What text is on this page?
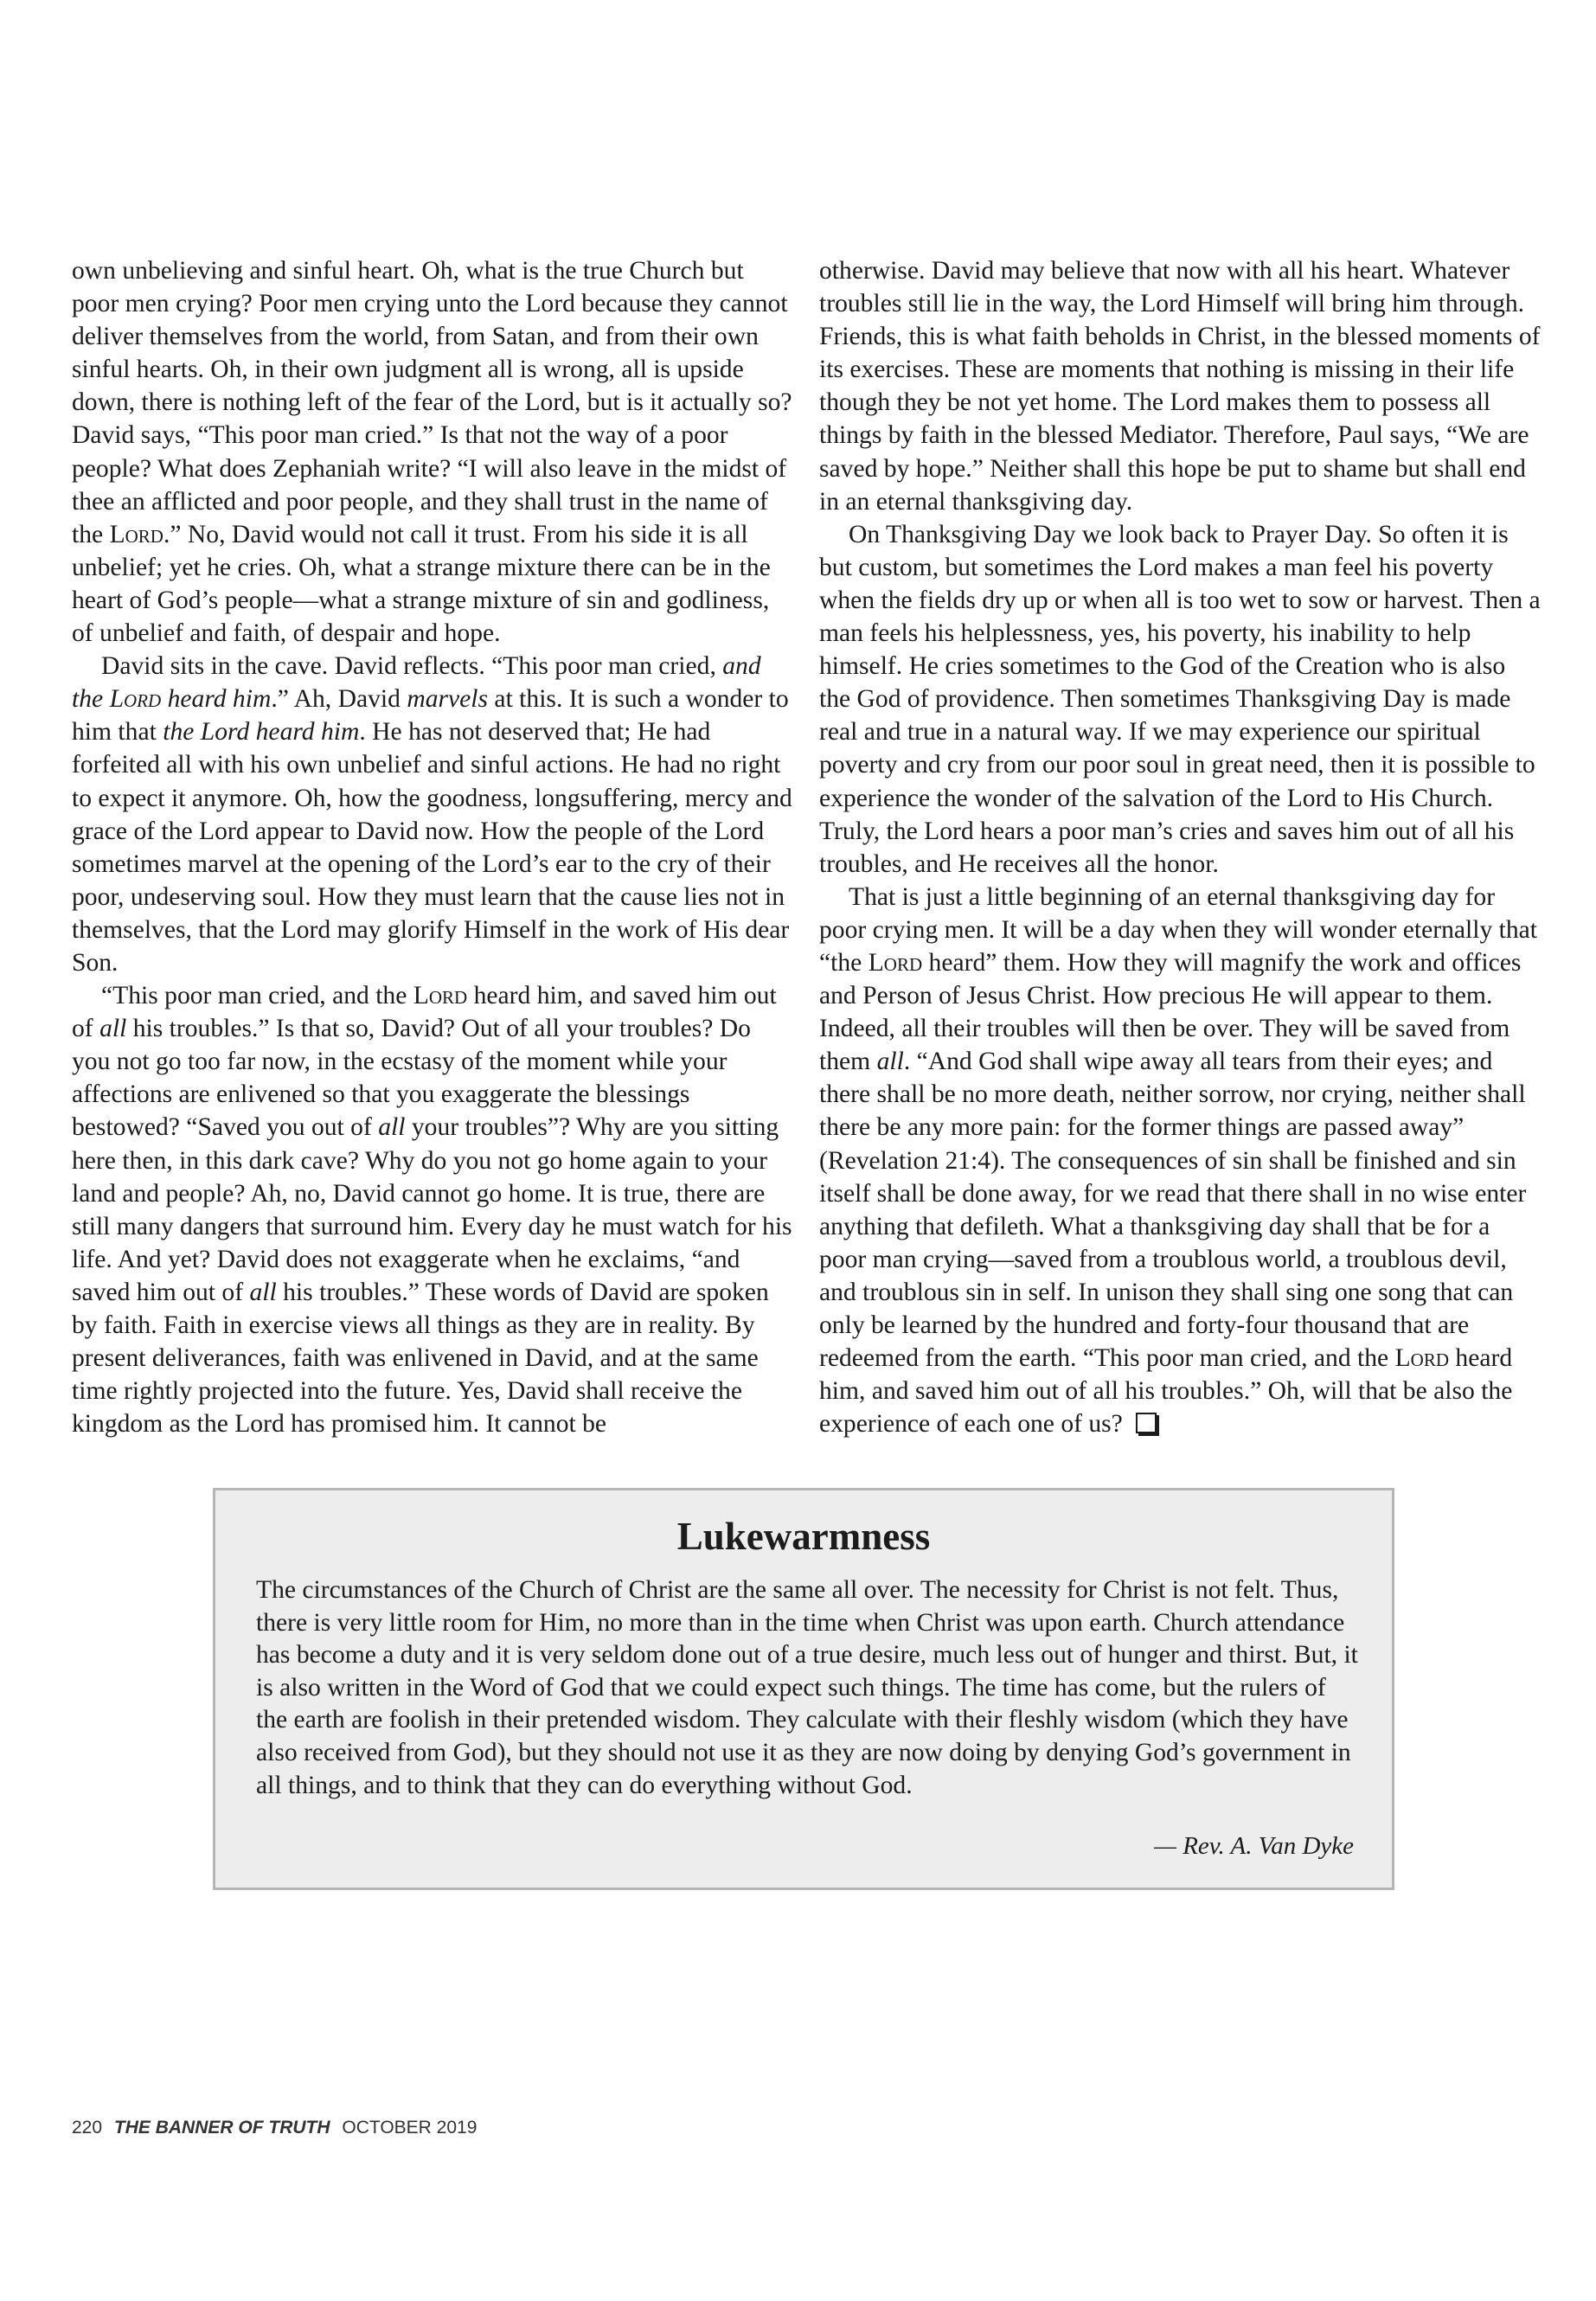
own unbelieving and sinful heart. Oh, what is the true Church but poor men crying? Poor men crying unto the Lord because they cannot deliver themselves from the world, from Satan, and from their own sinful hearts. Oh, in their own judgment all is wrong, all is upside down, there is nothing left of the fear of the Lord, but is it actually so? David says, “This poor man cried.” Is that not the way of a poor people? What does Zephaniah write? “I will also leave in the midst of thee an afflicted and poor people, and they shall trust in the name of the Lord.” No, David would not call it trust. From his side it is all unbelief; yet he cries. Oh, what a strange mixture there can be in the heart of God’s people—what a strange mixture of sin and godliness, of unbelief and faith, of despair and hope.

David sits in the cave. David reflects. “This poor man cried, and the Lord heard him.” Ah, David marvels at this. It is such a wonder to him that the Lord heard him. He has not deserved that; He had forfeited all with his own unbelief and sinful actions. He had no right to expect it anymore. Oh, how the goodness, longsuffering, mercy and grace of the Lord appear to David now. How the people of the Lord sometimes marvel at the opening of the Lord’s ear to the cry of their poor, undeserving soul. How they must learn that the cause lies not in themselves, that the Lord may glorify Himself in the work of His dear Son.

“This poor man cried, and the Lord heard him, and saved him out of all his troubles.” Is that so, David? Out of all your troubles? Do you not go too far now, in the ecstasy of the moment while your affections are enlivened so that you exaggerate the blessings bestowed? “Saved you out of all your troubles”? Why are you sitting here then, in this dark cave? Why do you not go home again to your land and people? Ah, no, David cannot go home. It is true, there are still many dangers that surround him. Every day he must watch for his life. And yet? David does not exaggerate when he exclaims, “and saved him out of all his troubles.” These words of David are spoken by faith. Faith in exercise views all things as they are in reality. By present deliverances, faith was enlivened in David, and at the same time rightly projected into the future. Yes, David shall receive the kingdom as the Lord has promised him. It cannot be

otherwise. David may believe that now with all his heart. Whatever troubles still lie in the way, the Lord Himself will bring him through. Friends, this is what faith beholds in Christ, in the blessed moments of its exercises. These are moments that nothing is missing in their life though they be not yet home. The Lord makes them to possess all things by faith in the blessed Mediator. Therefore, Paul says, “We are saved by hope.” Neither shall this hope be put to shame but shall end in an eternal thanksgiving day.

On Thanksgiving Day we look back to Prayer Day. So often it is but custom, but sometimes the Lord makes a man feel his poverty when the fields dry up or when all is too wet to sow or harvest. Then a man feels his helplessness, yes, his poverty, his inability to help himself. He cries sometimes to the God of the Creation who is also the God of providence. Then sometimes Thanksgiving Day is made real and true in a natural way. If we may experience our spiritual poverty and cry from our poor soul in great need, then it is possible to experience the wonder of the salvation of the Lord to His Church. Truly, the Lord hears a poor man’s cries and saves him out of all his troubles, and He receives all the honor.

That is just a little beginning of an eternal thanksgiving day for poor crying men. It will be a day when they will wonder eternally that “the Lord heard” them. How they will magnify the work and offices and Person of Jesus Christ. How precious He will appear to them. Indeed, all their troubles will then be over. They will be saved from them all. “And God shall wipe away all tears from their eyes; and there shall be no more death, neither sorrow, nor crying, neither shall there be any more pain: for the former things are passed away” (Revelation 21:4). The consequences of sin shall be finished and sin itself shall be done away, for we read that there shall in no wise enter anything that defileth. What a thanksgiving day shall that be for a poor man crying—saved from a troublous world, a troublous devil, and troublous sin in self. In unison they shall sing one song that can only be learned by the hundred and forty-four thousand that are redeemed from the earth. “This poor man cried, and the Lord heard him, and saved him out of all his troubles.” Oh, will that be also the experience of each one of us?

Lukewarmness

The circumstances of the Church of Christ are the same all over. The necessity for Christ is not felt. Thus, there is very little room for Him, no more than in the time when Christ was upon earth. Church attendance has become a duty and it is very seldom done out of a true desire, much less out of hunger and thirst. But, it is also written in the Word of God that we could expect such things. The time has come, but the rulers of the earth are foolish in their pretended wisdom. They calculate with their fleshly wisdom (which they have also received from God), but they should not use it as they are now doing by denying God’s government in all things, and to think that they can do everything without God.

— Rev. A. Van Dyke
220 THE BANNER OF TRUTH OCTOBER 2019
